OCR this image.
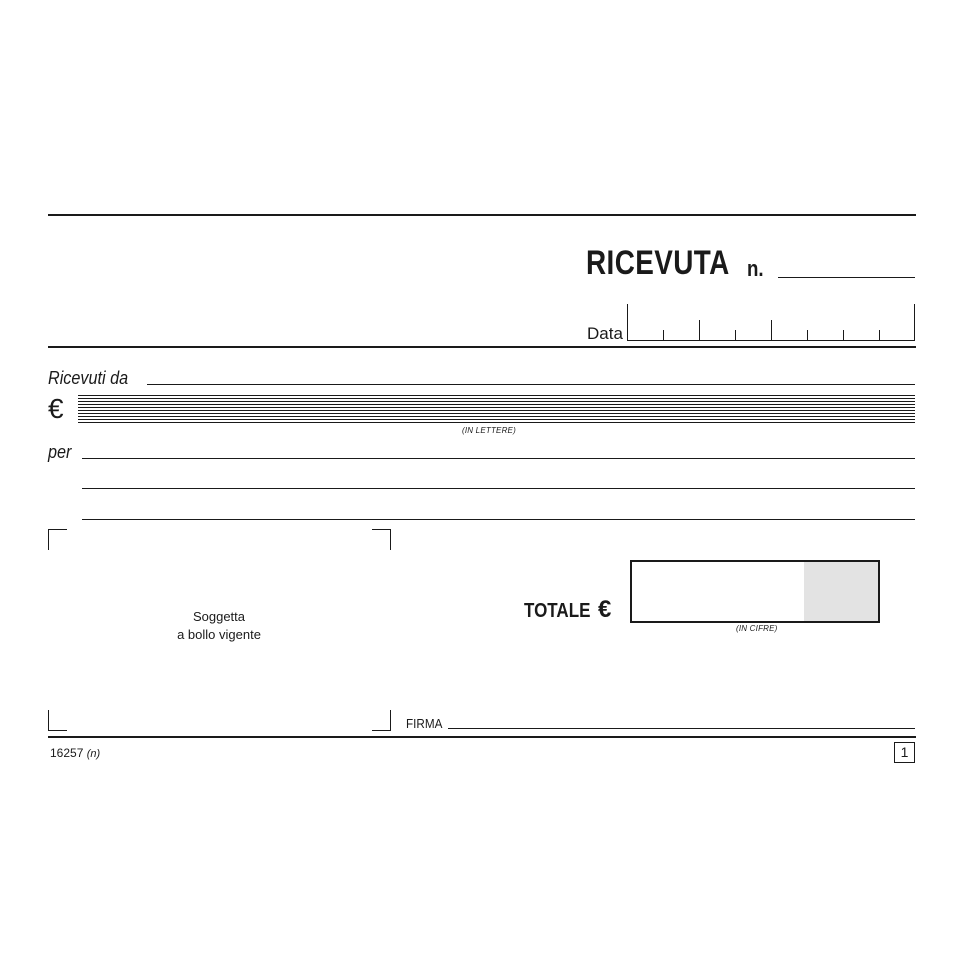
RICEVUTA n.
Data
Ricevuti da
€
(IN LETTERE)
per
Soggetta
a bollo vigente
TOTALE €
(IN CIFRE)
FIRMA
16257 (n)	1
